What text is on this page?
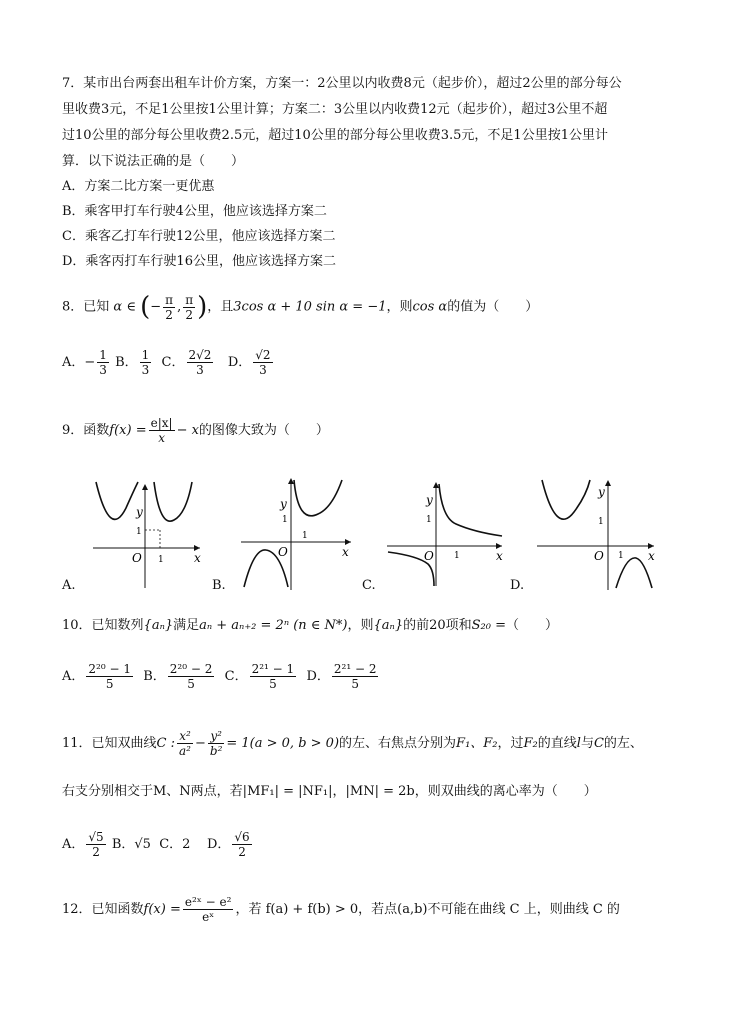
7．某市出台两套出租车计价方案，方案一：2公里以内收费8元（起步价），超过2公里的部分每公
里收费3元，不足1公里按1公里计算；方案二：3公里以内收费12元（起步价），超过3公里不超
过10公里的部分每公里收费2.5元，超过10公里的部分每公里收费3.5元，不足1公里按1公里计
算．以下说法正确的是（　　）
A．方案二比方案一更优惠
B．乘客甲打车行驶4公里，他应该选择方案二
C．乘客乙打车行驶12公里，他应该选择方案二
D．乘客丙打车行驶16公里，他应该选择方案二
8．已知 α ∈ (− $\frac{\pi}{2}$ , $\frac{\pi}{2}$ )，且3cos α + 10 sin α = −1，则cos α的值为（　　）
A．− $\frac{1}{3}$ B． $\frac{1}{3}$ C． $\frac{2√2}{3}$ D． $\frac{√2}{3}$
9．函数$f(x) = \frac{e|x|}{x} - x$的图像大致为（　　）
y
1
O 1	x
y
1
O
1
x
y
1
O 1	x
y
1
O 1 x
A.	B.	C.	D.
10．已知数列{aₙ}满足aₙ + aₙ₊₂ = 2ⁿ (n ∈ N*)，则{aₙ}的前20项和S₂₀ =（　　）
A． $\frac{\text{2²⁰ − 1}}{5}$ B． $\frac{\text{2²⁰ − 2}}{5}$ C． $\frac{\text{2²¹ − 1}}{5}$ D． $\frac{\text{2²¹ − 2}}{5}$
11．已知双曲线C : $\frac{\text{x²}}{\text{a²}} - \frac{\text{y²}}{\text{b²}} = 1(a > 0$, b > 0)的左、右焦点分别为F₁、F₂，过F₂的直线l与C的左、
右支分别相交于M、N两点，若|MF₁| = |NF₁|，|MN| = 2b，则双曲线的离心率为（　　）
A． $\frac{√5}{2}$ B．√5 C．2 D． $\frac{√6}{2}$
12．已知函数$f(x) = \frac{\text{e²ˣ − e²}}{\text{eˣ}}$ ，若 f(a) + f(b) > 0，若点(a,b)不可能在曲线 C 上，则曲线 C 的
